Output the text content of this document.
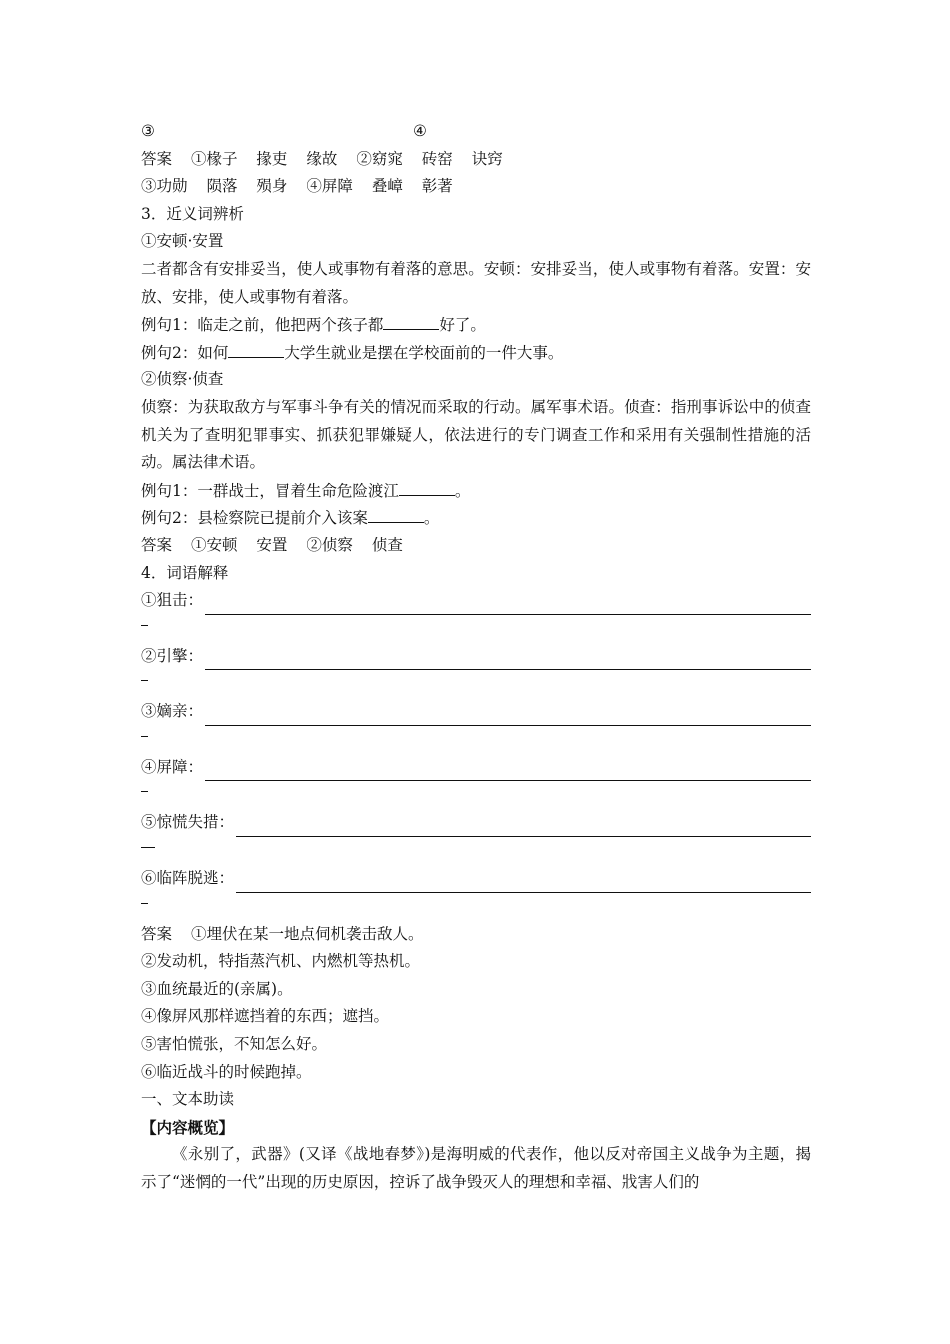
③	④
答案 ①椽子 掾吏 缘故 ②窈窕 砖窑 诀窍
③功勋 陨落 殒身 ④屏障 叠嶂 彰著
3．近义词辨析
①安顿·安置
二者都含有安排妥当，使人或事物有着落的意思。安顿：安排妥当，使人或事物有着落。安置：安放、安排，使人或事物有着落。
例句1：临走之前，他把两个孩子都	好了。
例句2：如何	大学生就业是摆在学校面前的一件大事。
②侦察·侦查
侦察：为获取敌方与军事斗争有关的情况而采取的行动。属军事术语。侦查：指刑事诉讼中的侦查机关为了查明犯罪事实、抓获犯罪嫌疑人，依法进行的专门调查工作和采用有关强制性措施的活动。属法律术语。
例句1：一群战士，冒着生命危险渡江	。
例句2：县检察院已提前介入该案	。
答案 ①安顿 安置 ②侦察 侦查
4．词语解释
①狙击：
②引擎：
③嫡亲：
④屏障：
⑤惊慌失措：
⑥临阵脱逃：
答案 ①埋伏在某一地点伺机袭击敌人。
②发动机，特指蒸汽机、内燃机等热机。
③血统最近的(亲属)。
④像屏风那样遮挡着的东西；遮挡。
⑤害怕慌张，不知怎么好。
⑥临近战斗的时候跑掉。
一、文本助读
【内容概览】
《永别了，武器》(又译《战地春梦》)是海明威的代表作，他以反对帝国主义战争为主题，揭示了“迷惘的一代”出现的历史原因，控诉了战争毁灭人的理想和幸福、戕害人们的
